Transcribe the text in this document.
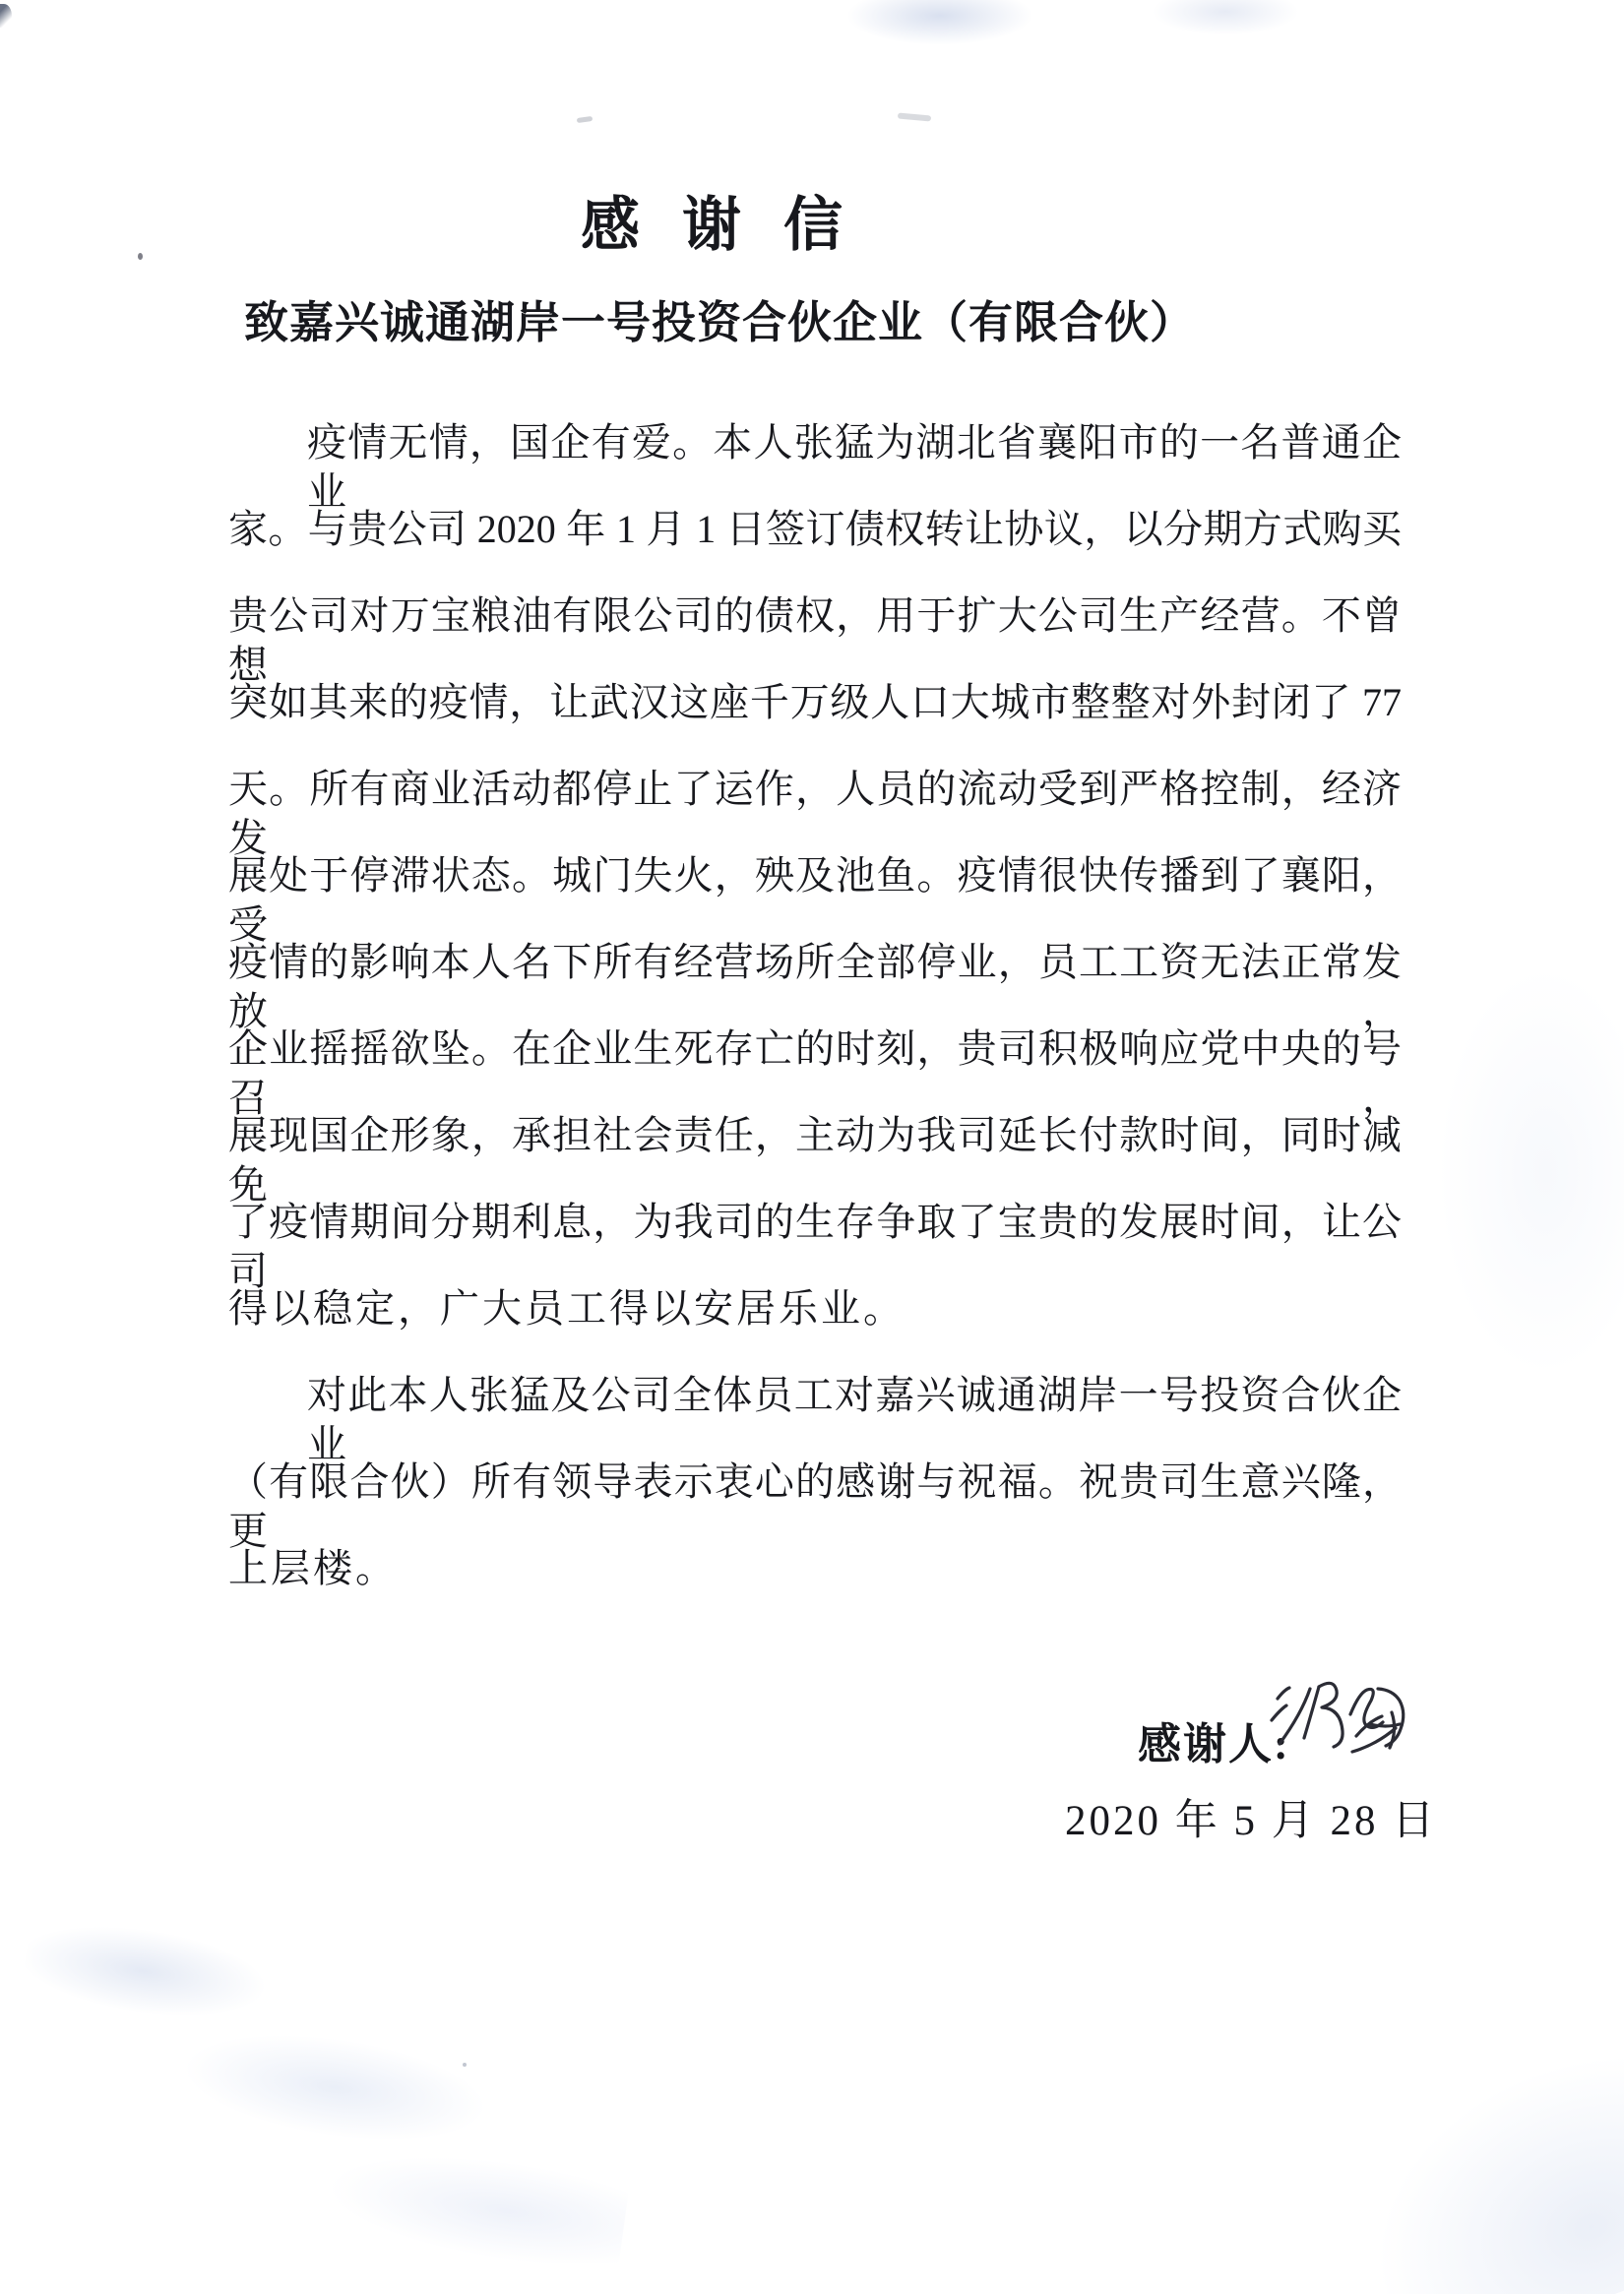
感 谢 信
致嘉兴诚通湖岸一号投资合伙企业（有限合伙）
疫情无情，国企有爱。本人张猛为湖北省襄阳市的一名普通企业
家。与贵公司 2020 年 1 月 1 日签订债权转让协议，以分期方式购买
贵公司对万宝粮油有限公司的债权，用于扩大公司生产经营。不曾想
突如其来的疫情，让武汉这座千万级人口大城市整整对外封闭了 77
天。所有商业活动都停止了运作，人员的流动受到严格控制，经济发
展处于停滞状态。城门失火，殃及池鱼。疫情很快传播到了襄阳，受
疫情的影响本人名下所有经营场所全部停业，员工工资无法正常发放，
企业摇摇欲坠。在企业生死存亡的时刻，贵司积极响应党中央的号召，
展现国企形象，承担社会责任，主动为我司延长付款时间，同时减免
了疫情期间分期利息，为我司的生存争取了宝贵的发展时间，让公司
得以稳定，广大员工得以安居乐业。
对此本人张猛及公司全体员工对嘉兴诚通湖岸一号投资合伙企业
（有限合伙）所有领导表示衷心的感谢与祝福。祝贵司生意兴隆，更
上层楼。
感谢人:
2020 年 5 月 28 日
